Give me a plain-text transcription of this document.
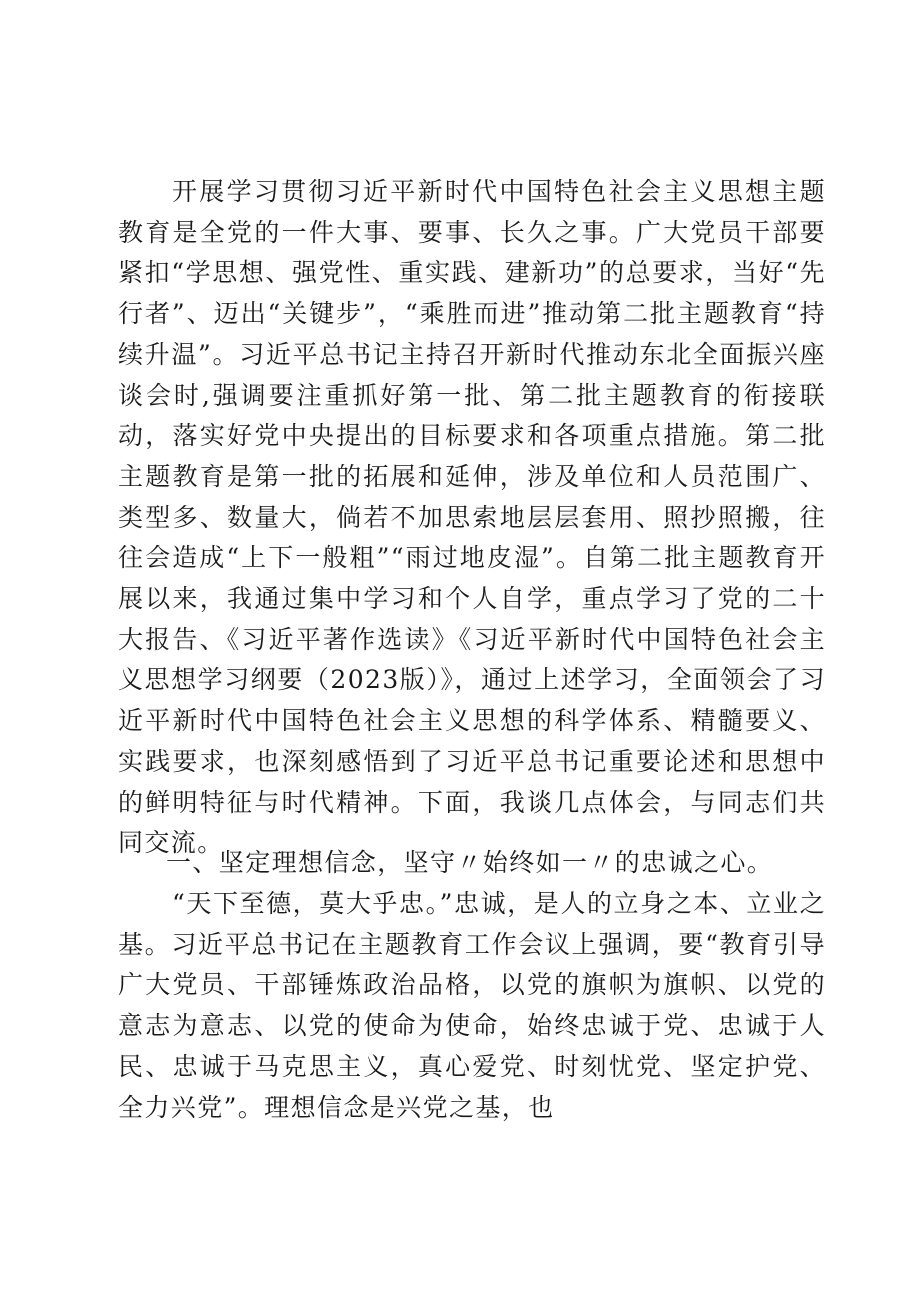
开展学习贯彻习近平新时代中国特色社会主义思想主题教育是全党的一件大事、要事、长久之事。广大党员干部要紧扣“学思想、强党性、重实践、建新功”的总要求，当好“先行者”、迈出“关键步”，“乘胜而进”推动第二批主题教育“持续升温”。习近平总书记主持召开新时代推动东北全面振兴座谈会时,强调要注重抓好第一批、第二批主题教育的衔接联动，落实好党中央提出的目标要求和各项重点措施。第二批主题教育是第一批的拓展和延伸，涉及单位和人员范围广、类型多、数量大，倘若不加思索地层层套用、照抄照搬，往往会造成“上下一般粗”“雨过地皮湿”。自第二批主题教育开展以来，我通过集中学习和个人自学，重点学习了党的二十大报告、《习近平著作选读》《习近平新时代中国特色社会主义思想学习纲要（2023版）》，通过上述学习，全面领会了习近平新时代中国特色社会主义思想的科学体系、精髓要义、实践要求，也深刻感悟到了习近平总书记重要论述和思想中的鲜明特征与时代精神。下面，我谈几点体会，与同志们共同交流。

一、坚定理想信念，坚守〃始终如一〃的忠诚之心。

“天下至德，莫大乎忠。”忠诚，是人的立身之本、立业之基。习近平总书记在主题教育工作会议上强调，要“教育引导广大党员、干部锤炼政治品格，以党的旗帜为旗帜、以党的意志为意志、以党的使命为使命，始终忠诚于党、忠诚于人民、忠诚于马克思主义，真心爱党、时刻忧党、坚定护党、全力兴党”。理想信念是兴党之基，也
